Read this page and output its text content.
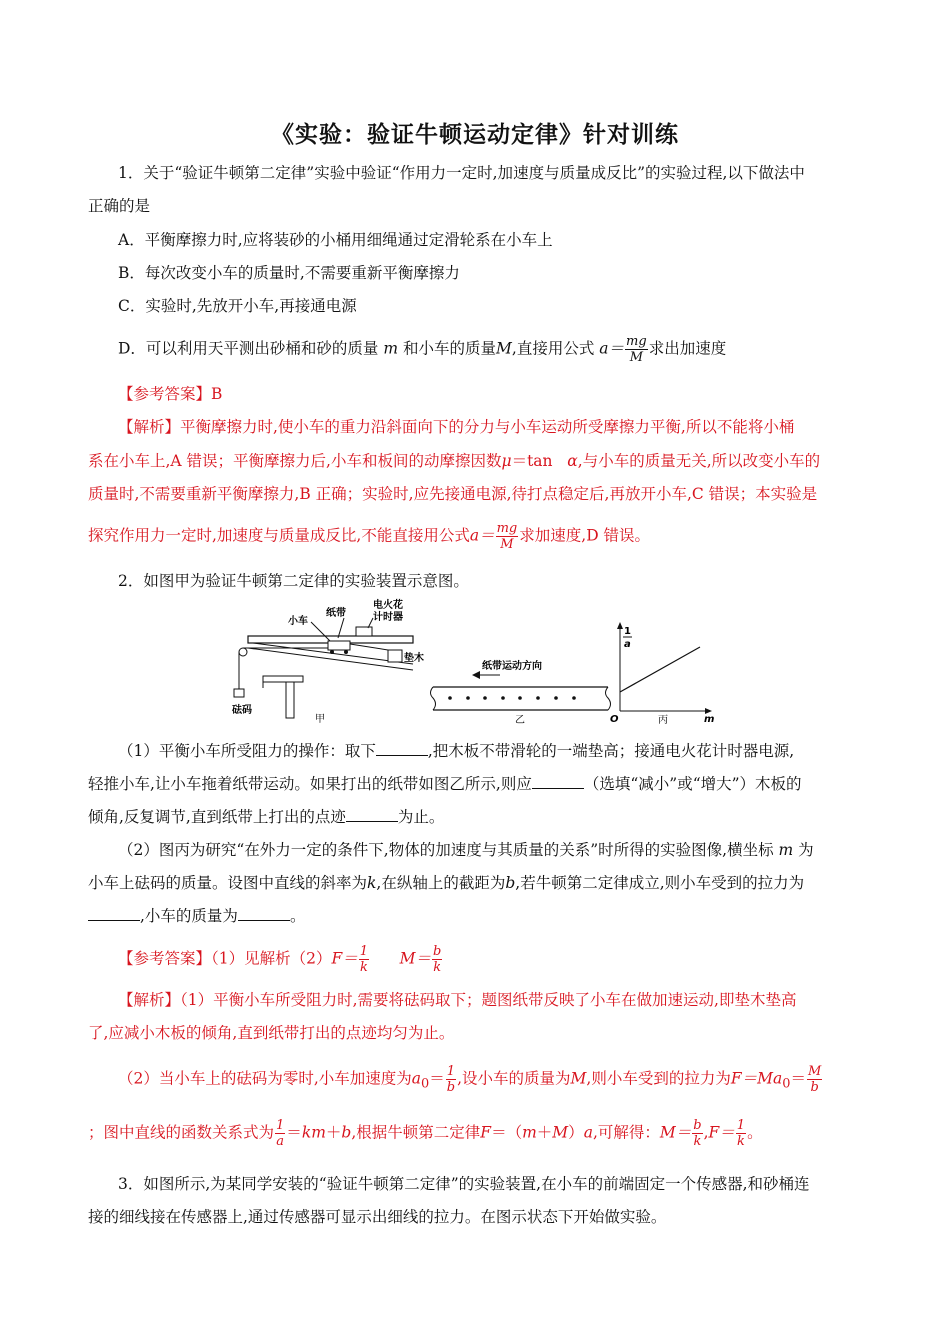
《实验：验证牛顿运动定律》针对训练
1．关于“验证牛顿第二定律”实验中验证“作用力一定时,加速度与质量成反比”的实验过程,以下做法中
正确的是
A．平衡摩擦力时,应将装砂的小桶用细绳通过定滑轮系在小车上
B．每次改变小车的质量时,不需要重新平衡摩擦力
C．实验时,先放开小车,再接通电源
D．可以利用天平测出砂桶和砂的质量 m 和小车的质量M,直接用公式 $a= \frac{mg}{M}$ 求出加速度
【参考答案】B
【解析】平衡摩擦力时,使小车的重力沿斜面向下的分力与小车运动所受摩擦力平衡,所以不能将小桶
系在小车上,A 错误；平衡摩擦力后,小车和板间的动摩擦因数μ＝tan α,与小车的质量无关,所以改变小车的
质量时,不需要重新平衡摩擦力,B 正确；实验时,应先接通电源,待打点稳定后,再放开小车,C 错误；本实验是
探究作用力一定时,加速度与质量成反比,不能直接用公式$a= \frac{mg}{M}$ 求加速度,D 错误。
2．如图甲为验证牛顿第二定律的实验装置示意图。
小车
纸带
电火花
计时器
垫木
砝码
甲
纸带运动方向
乙
1
a
O	m
丙
（1）平衡小车所受阻力的操作：取下	,把木板不带滑轮的一端垫高；接通电火花计时器电源,
轻推小车,让小车拖着纸带运动。如果打出的纸带如图乙所示,则应	（选填“减小”或“增大”）木板的
倾角,反复调节,直到纸带上打出的点迹	为止。
（2）图丙为研究“在外力一定的条件下,物体的加速度与其质量的关系”时所得的实验图像,横坐标 m 为
小车上砝码的质量。设图中直线的斜率为k,在纵轴上的截距为b,若牛顿第二定律成立,则小车受到的拉力为
,小车的质量为	。
【参考答案】（1）见解析$(2)F= \frac{1}{k} M= \frac{b}{k}$
【解析】（1）平衡小车所受阻力时,需要将砝码取下；题图纸带反映了小车在做加速运动,即垫木垫高
了,应减小木板的倾角,直到纸带打出的点迹均匀为止。
（2）当小车上的砝码为零时,小车加速度为$a_0= \frac{1}{b}$ ,设小车的质量为M,则小车受到的拉力为$F=Ma_0= \frac{M}{b}$
；图中直线的函数关系式为 $\frac{1}{a} =km+b$,根据牛顿第二定律F＝（m＋M）a,可解得：$M= \frac{b}{k} ,F= \frac{1}{k}$ 。
3．如图所示,为某同学安装的“验证牛顿第二定律”的实验装置,在小车的前端固定一个传感器,和砂桶连
接的细线接在传感器上,通过传感器可显示出细线的拉力。在图示状态下开始做实验。
